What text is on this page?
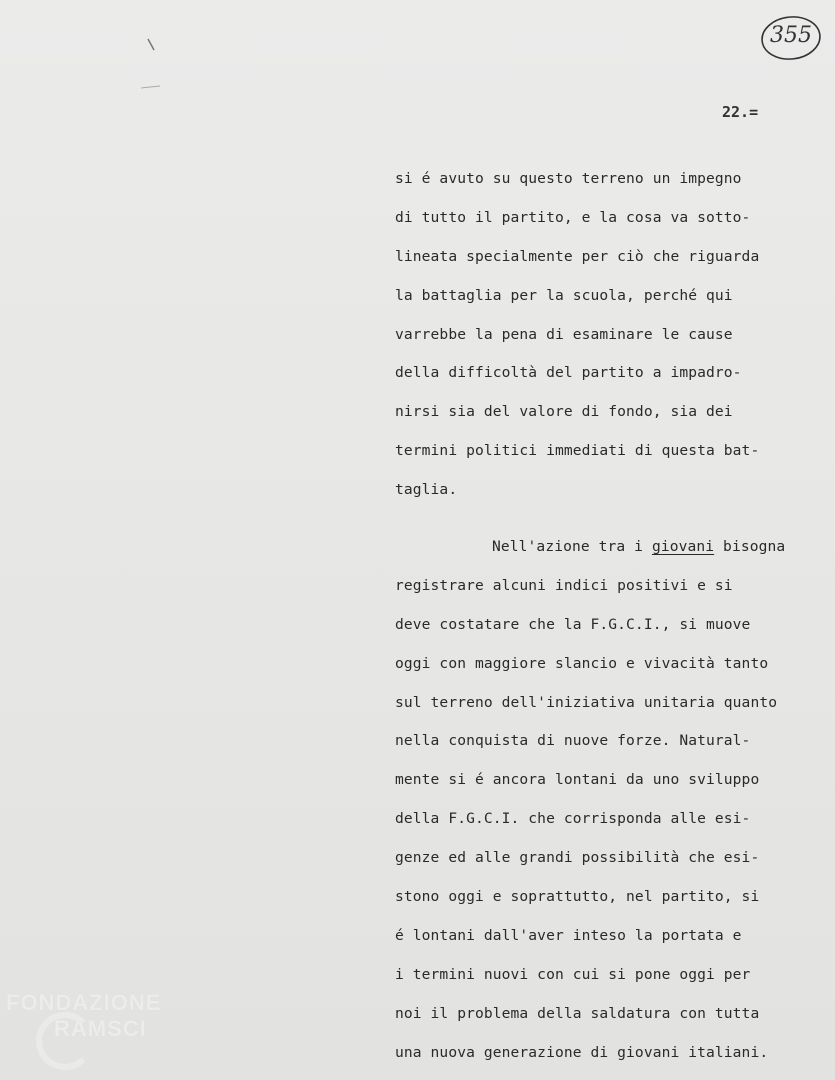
355
22.=
si é avuto su questo terreno un impegno
di tutto il partito, e la cosa va sotto-
lineata specialmente per ciò che riguarda
la battaglia per la scuola, perché qui
varrebbe la pena di esaminare le cause
della difficoltà del partito a impadro-
nirsi sia del valore di fondo, sia dei
termini politici immediati di questa bat-
taglia.
Nell'azione tra i giovani bisogna
registrare alcuni indici positivi e si
deve costatare che la F.G.C.I., si muove
oggi con maggiore slancio e vivacità tanto
sul terreno dell'iniziativa unitaria quanto
nella conquista di nuove forze. Natural-
mente si é ancora lontani da uno sviluppo
della F.G.C.I. che corrisponda alle esi-
genze ed alle grandi possibilità che esi-
stono oggi e soprattutto, nel partito, si
é lontani dall'aver inteso la portata e
i termini nuovi con cui si pone oggi per
noi il problema della saldatura con tutta
una nuova generazione di giovani italiani.
FONDAZIONE
RAMSCI
